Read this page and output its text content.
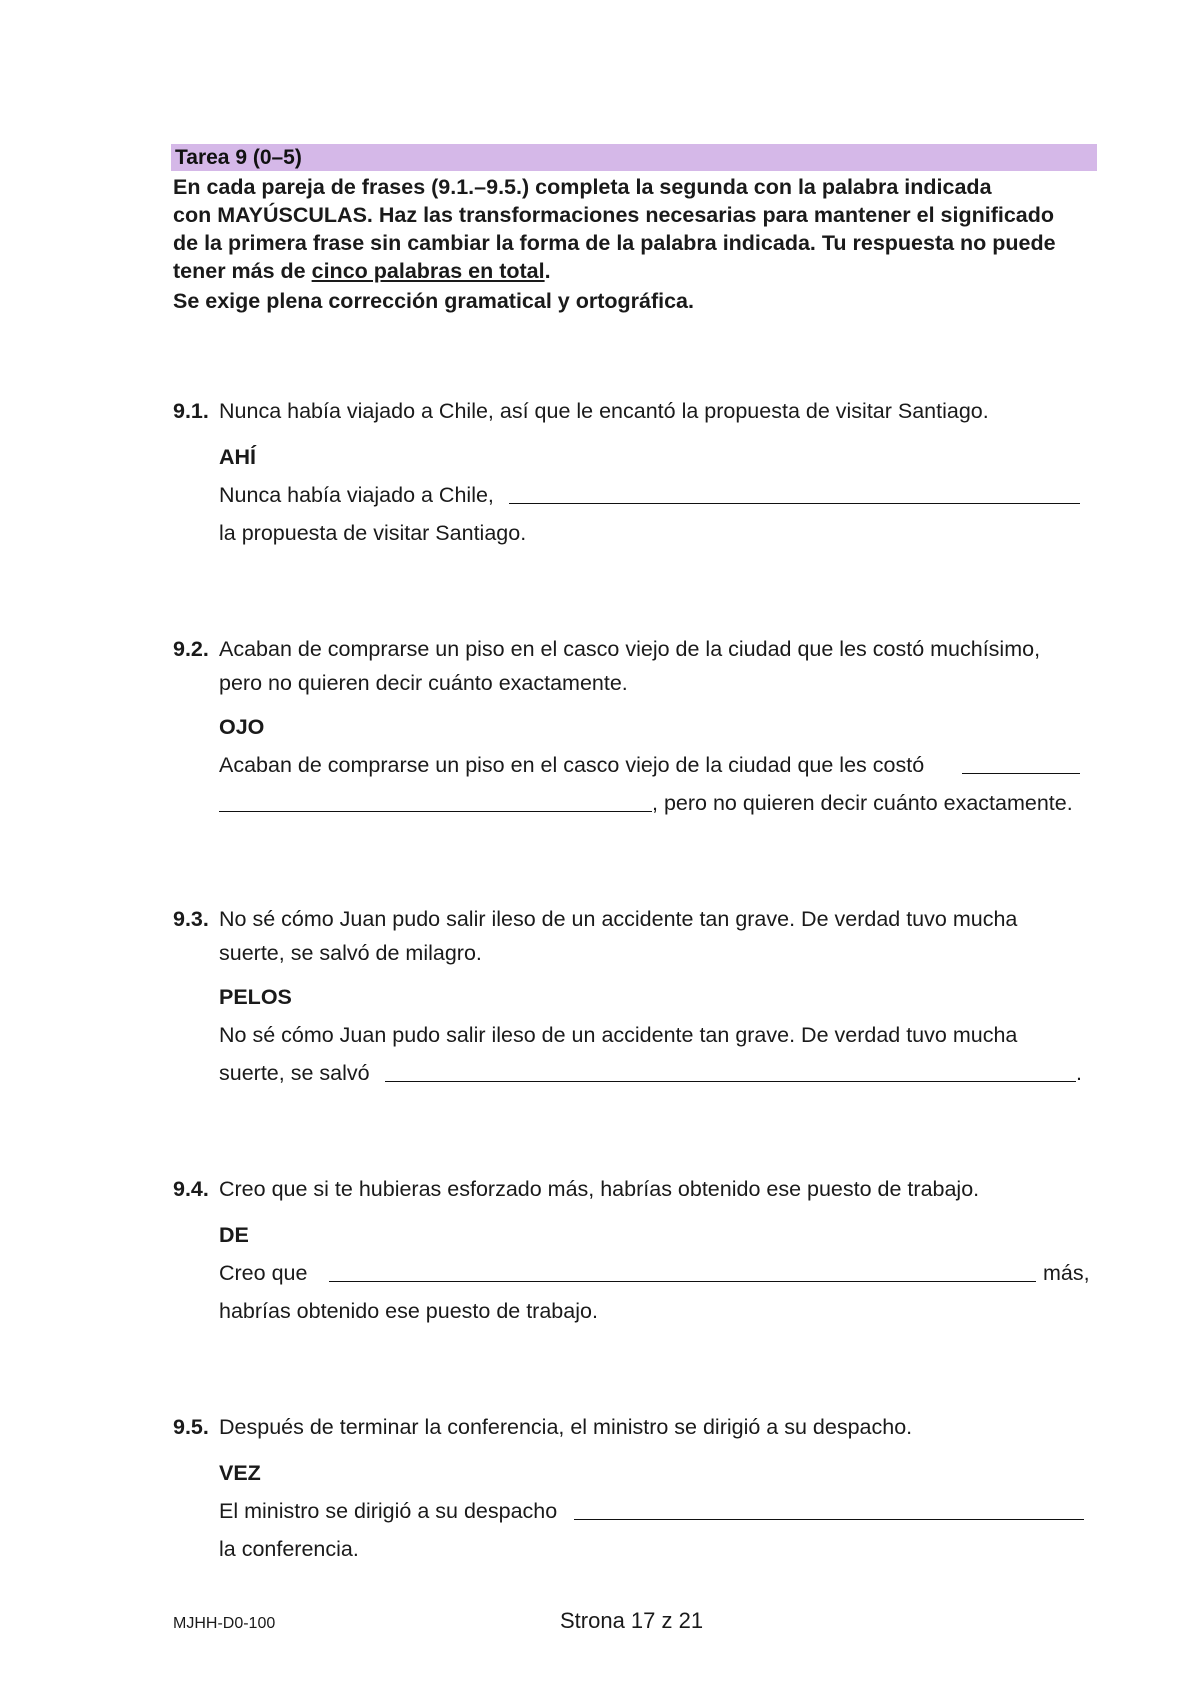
Tarea 9 (0–5)
En cada pareja de frases (9.1.–9.5.) completa la segunda con la palabra indicada
con MAYÚSCULAS. Haz las transformaciones necesarias para mantener el significado
de la primera frase sin cambiar la forma de la palabra indicada. Tu respuesta no puede
tener más de cinco palabras en total.
Se exige plena corrección gramatical y ortográfica.
9.1. Nunca había viajado a Chile, así que le encantó la propuesta de visitar Santiago.
AHÍ
Nunca había viajado a Chile,
la propuesta de visitar Santiago.
9.2. Acaban de comprarse un piso en el casco viejo de la ciudad que les costó muchísimo,
pero no quieren decir cuánto exactamente.
OJO
Acaban de comprarse un piso en el casco viejo de la ciudad que les costó
, pero no quieren decir cuánto exactamente.
9.3. No sé cómo Juan pudo salir ileso de un accidente tan grave. De verdad tuvo mucha
suerte, se salvó de milagro.
PELOS
No sé cómo Juan pudo salir ileso de un accidente tan grave. De verdad tuvo mucha
suerte, se salvó	.
9.4. Creo que si te hubieras esforzado más, habrías obtenido ese puesto de trabajo.
DE
Creo que	más,
habrías obtenido ese puesto de trabajo.
9.5. Después de terminar la conferencia, el ministro se dirigió a su despacho.
VEZ
El ministro se dirigió a su despacho
la conferencia.
MJHH-D0-100	Strona 17 z 21
